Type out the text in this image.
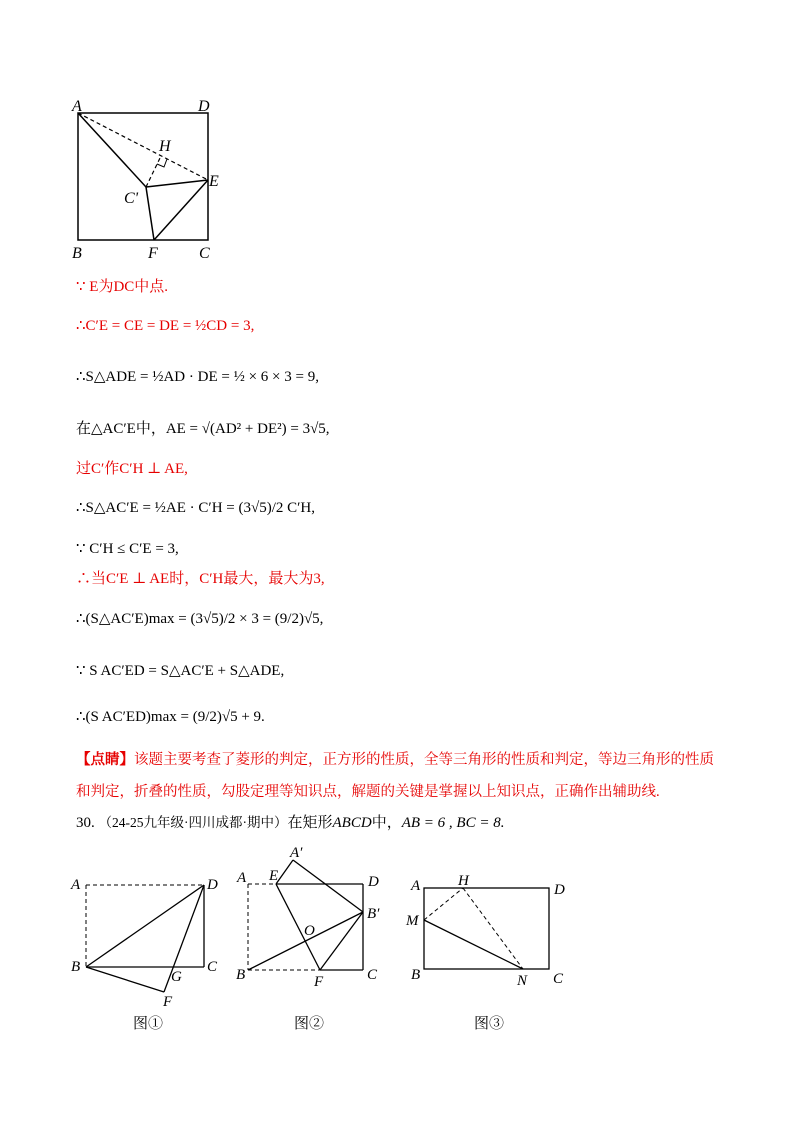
A	D
H
E
C'
B	F	C
∵ E为DC中点.
∴C′E = CE = DE = ½CD = 3,
∴S△ADE = ½AD · DE = ½ × 6 × 3 = 9,
在△AC′E中，AE = √(AD² + DE²) = 3√5,
过C′作C′H ⊥ AE,
∴S△AC′E = ½AE · C′H = (3√5)/2 C′H,
∵ C′H ≤ C′E = 3,
∴当C′E ⊥ AE时，C′H最大，最大为3,
∴(S△AC′E)max = (3√5)/2 × 3 = (9/2)√5,
∵ S AC′ED = S△AC′E + S△ADE,
∴(S AC′ED)max = (9/2)√5 + 9.
【点睛】该题主要考查了菱形的判定，正方形的性质，全等三角形的性质和判定，等边三角形的性质和判定，折叠的性质，勾股定理等知识点，解题的关键是掌握以上知识点，正确作出辅助线.
30. （24-25九年级·四川成都·期中）在矩形ABCD中，AB = 6 , BC = 8.
A	D
B	C
G
F
图①
A′
A E	D
B′
O
B	F	C
图②
A	H
D
M
B	N C
图③
